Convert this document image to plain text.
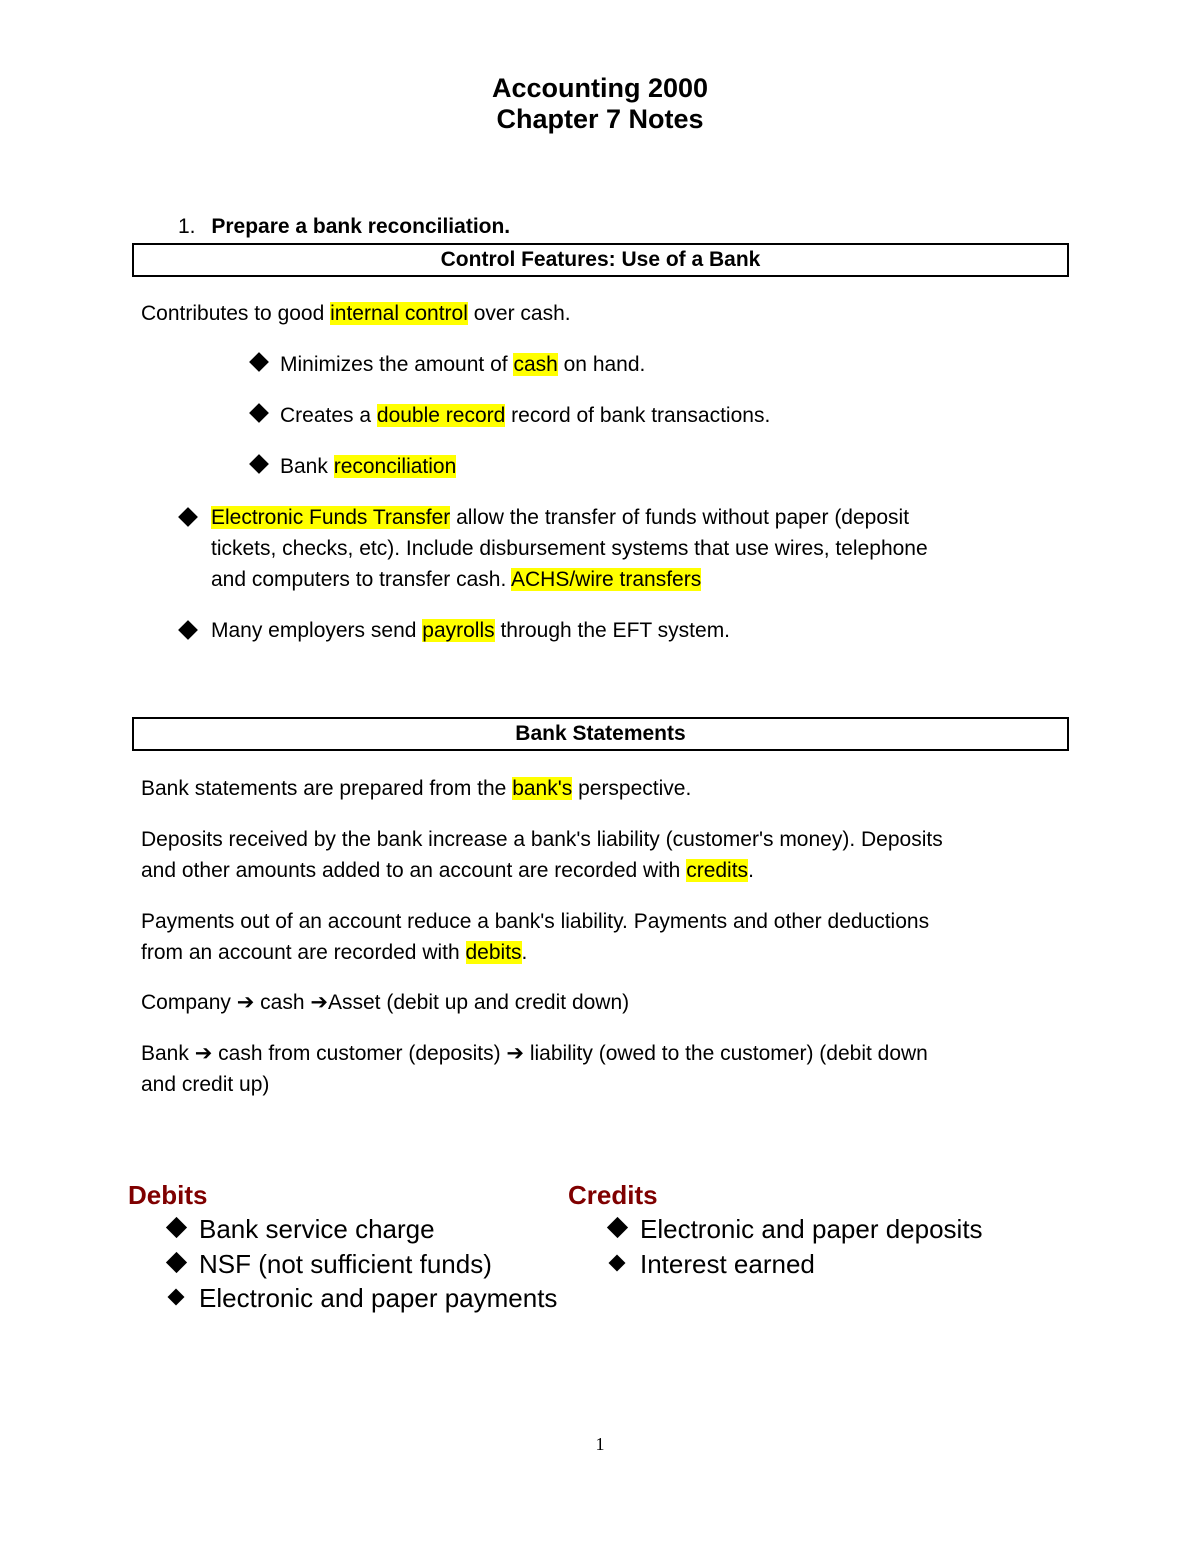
Accounting 2000
Chapter 7 Notes
1. Prepare a bank reconciliation.
Control Features: Use of a Bank
Contributes to good internal control over cash.
Minimizes the amount of cash on hand.
Creates a double record record of bank transactions.
Bank reconciliation
Electronic Funds Transfer allow the transfer of funds without paper (deposit
tickets, checks, etc). Include disbursement systems that use wires, telephone
and computers to transfer cash. ACHS/wire transfers
Many employers send payrolls through the EFT system.
Bank Statements
Bank statements are prepared from the bank's perspective.
Deposits received by the bank increase a bank's liability (customer's money). Deposits
and other amounts added to an account are recorded with credits.
Payments out of an account reduce a bank's liability. Payments and other deductions
from an account are recorded with debits.
Company ➔ cash ➔Asset (debit up and credit down)
Bank ➔ cash from customer (deposits) ➔ liability (owed to the customer) (debit down
and credit up)
Debits
Bank service charge
NSF (not sufficient funds)
Electronic and paper payments
Credits
Electronic and paper deposits
Interest earned
1
